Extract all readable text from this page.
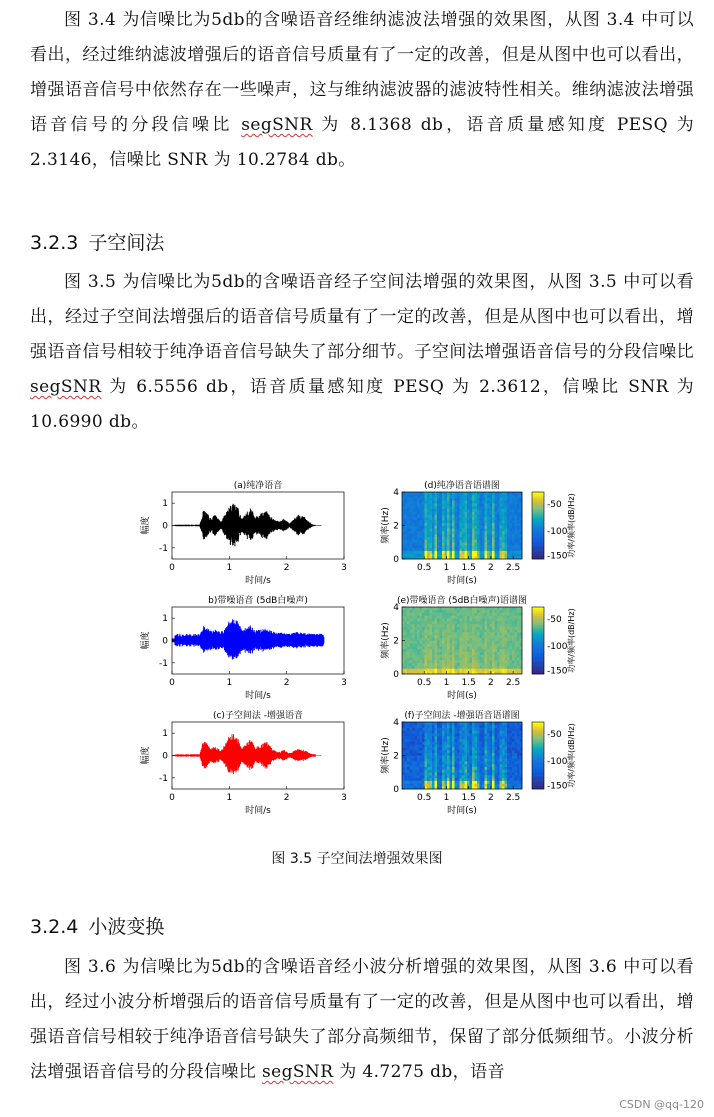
图 3.4 为信噪比为5db的含噪语音经维纳滤波法增强的效果图，从图 3.4 中可以看出，经过维纳滤波增强后的语音信号质量有了一定的改善，但是从图中也可以看出，增强语音信号中依然存在一些噪声，这与维纳滤波器的滤波特性相关。维纳滤波法增强语音信号的分段信噪比 segSNR 为 8.1368 db，语音质量感知度 PESQ 为 2.3146，信噪比 SNR 为 10.2784 db。

3.2.3 子空间法

图 3.5 为信噪比为5db的含噪语音经子空间法增强的效果图，从图 3.5 中可以看出，经过子空间法增强后的语音信号质量有了一定的改善，但是从图中也可以看出，增强语音信号相较于纯净语音信号缺失了部分细节。子空间法增强语音信号的分段信噪比 segSNR 为 6.5556 db，语音质量感知度 PESQ 为 2.3612，信噪比 SNR 为 10.6990 db。

(a)纯净语音
0	1	2	3
-1
0
1
时间/s
幅度
(d)纯净语音语谱图
0.5 1 1.5 2 2.5
0
2
4
时间(s)
频率(Hz)
-50
-100
-150 功率/频率(dB/Hz)
b)带噪语音 (5dB白噪声)
0	1	2	3
-1
0
1
时间/s
幅度
(e)带噪语音 (5dB白噪声)语谱图
0.5 1 1.5 2 2.5
0
2
4
时间(s)
频率(Hz)
-50
-100
-150 功率/频率(dB/Hz)
(c)子空间法 -增强语音
0	1	2	3
-1
0
1
时间/s
幅度
(f)子空间法 -增强语音语谱图
0.5 1 1.5 2 2.5
0
2
4
时间(s)
频率(Hz)
-50
-100
-150 功率/频率(dB/Hz)

图 3.5 子空间法增强效果图

3.2.4 小波变换

图 3.6 为信噪比为5db的含噪语音经小波分析增强的效果图，从图 3.6 中可以看出，经过小波分析增强后的语音信号质量有了一定的改善，但是从图中也可以看出，增强语音信号相较于纯净语音信号缺失了部分高频细节，保留了部分低频细节。小波分析法增强语音信号的分段信噪比 segSNR 为 4.7275 db，语音

CSDN @qq-120
